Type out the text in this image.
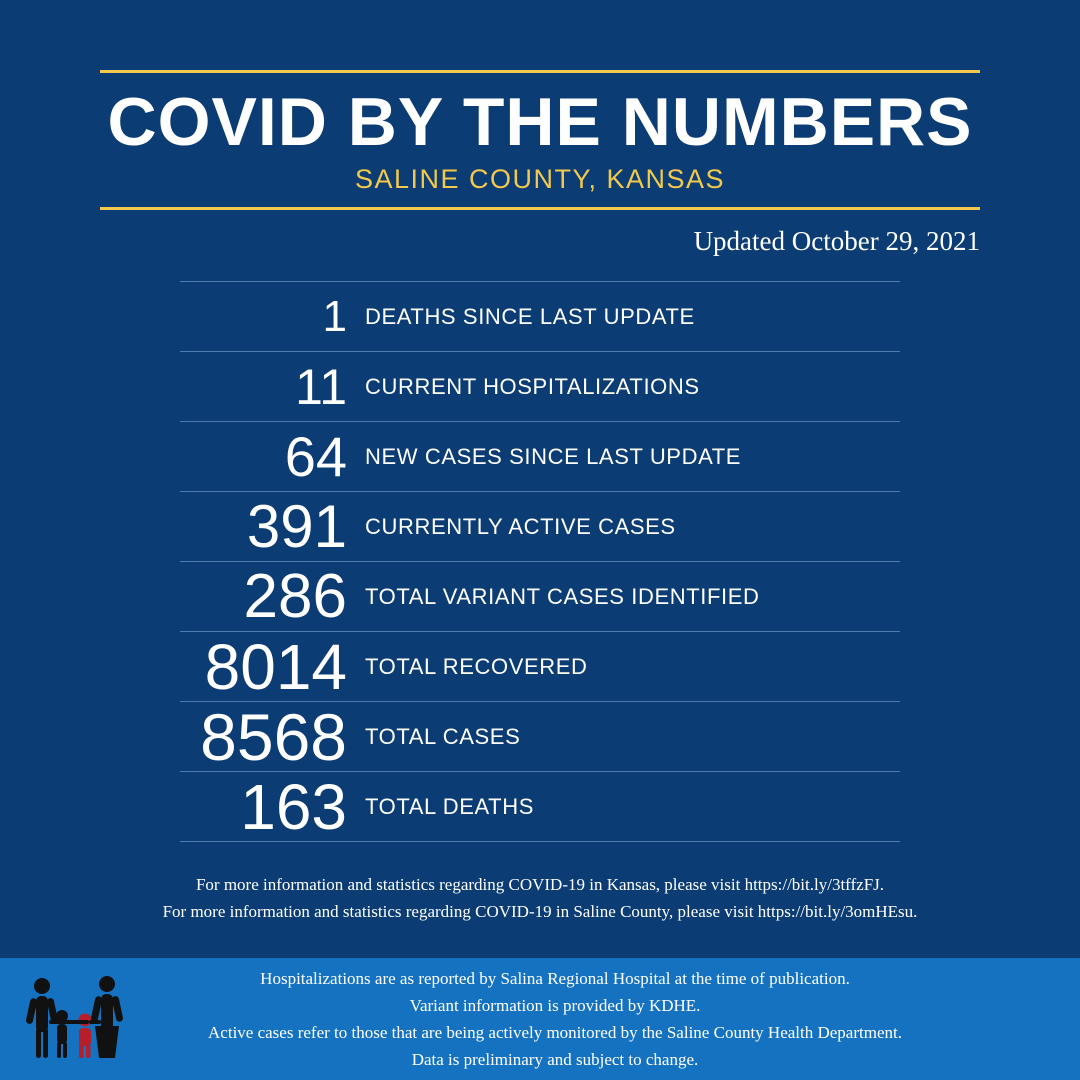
COVID BY THE NUMBERS
SALINE COUNTY, KANSAS
Updated October 29, 2021
1 DEATHS SINCE LAST UPDATE
11 CURRENT HOSPITALIZATIONS
64 NEW CASES SINCE LAST UPDATE
391 CURRENTLY ACTIVE CASES
286 TOTAL VARIANT CASES IDENTIFIED
8014 TOTAL RECOVERED
8568 TOTAL CASES
163 TOTAL DEATHS
For more information and statistics regarding COVID-19 in Kansas, please visit https://bit.ly/3tffzFJ.
For more information and statistics regarding COVID-19 in Saline County, please visit https://bit.ly/3omHEsu.
Hospitalizations are as reported by Salina Regional Hospital at the time of publication.
Variant information is provided by KDHE.
Active cases refer to those that are being actively monitored by the Saline County Health Department.
Data is preliminary and subject to change.
